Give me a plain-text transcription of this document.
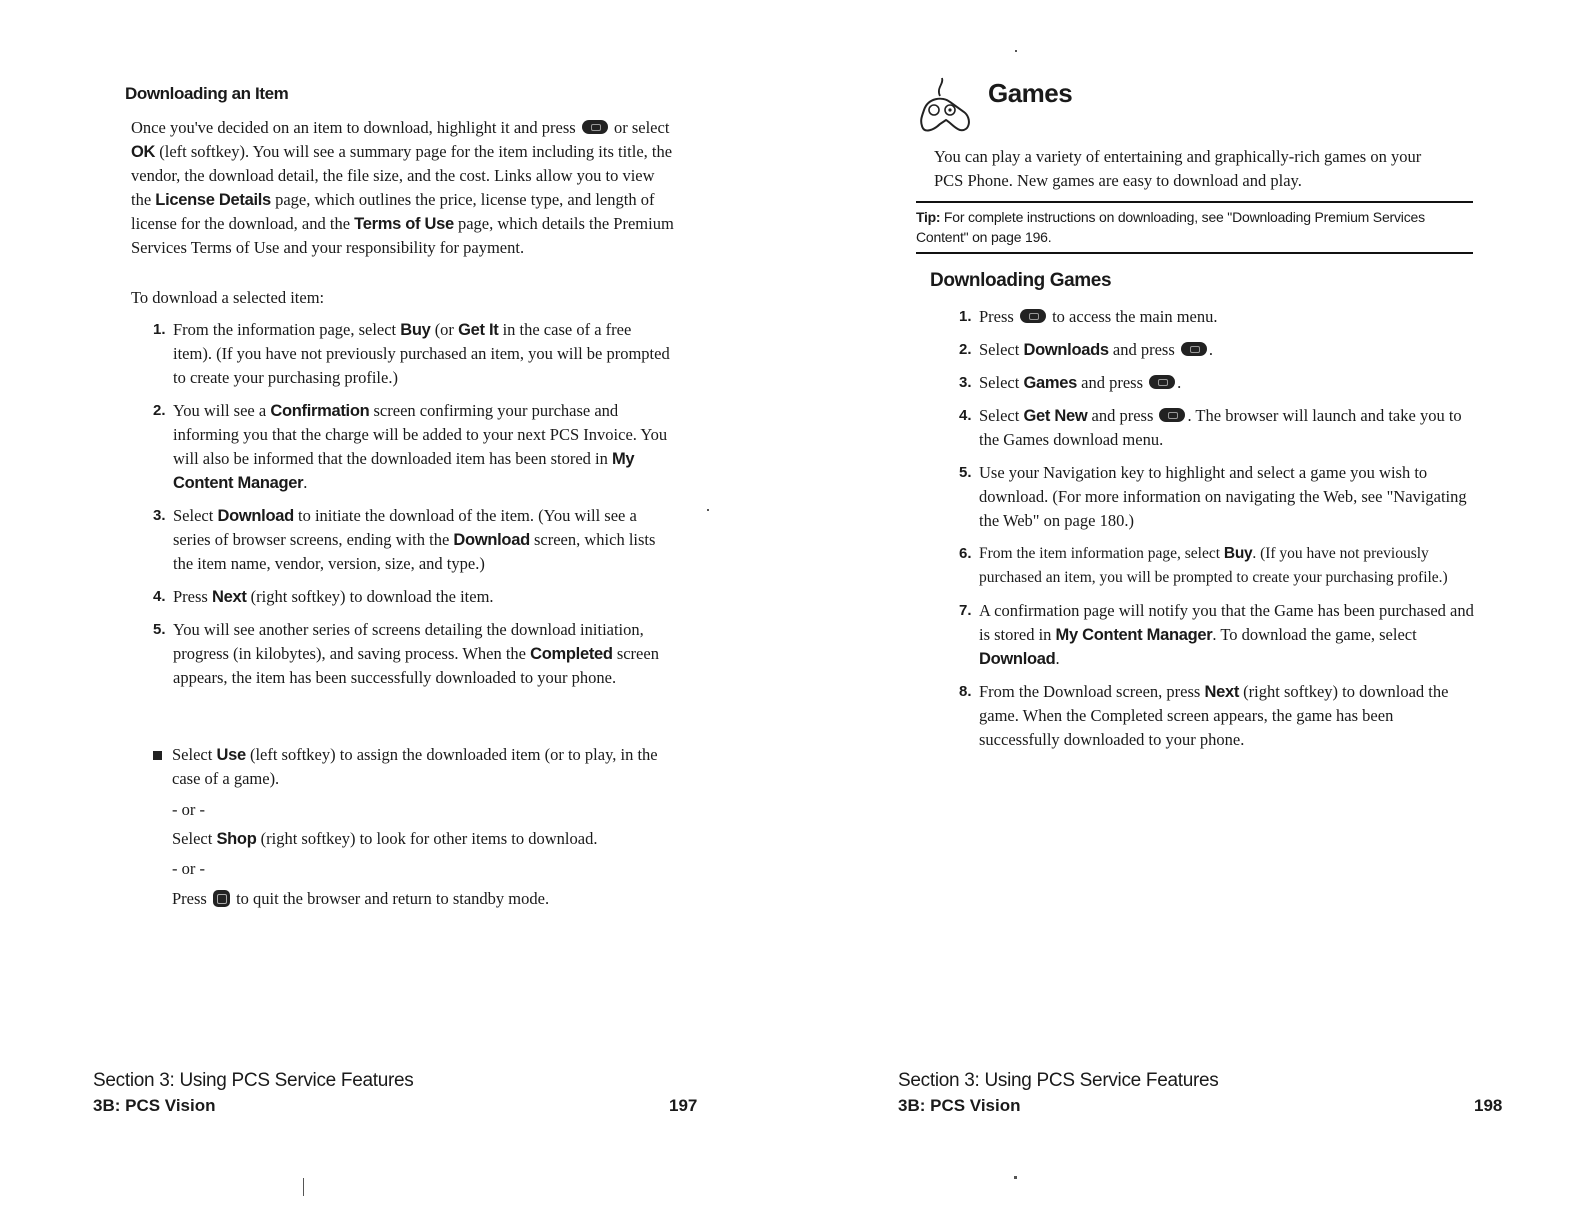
Downloading an Item

Once you've decided on an item to download, highlight it and press or select OK (left softkey). You will see a summary page for the item including its title, the vendor, the download detail, the file size, and the cost. Links allow you to view the License Details page, which outlines the price, license type, and length of license for the download, and the Terms of Use page, which details the Premium Services Terms of Use and your responsibility for payment.

To download a selected item:

1. From the information page, select Buy (or Get It in the case of a free item). (If you have not previously purchased an item, you will be prompted to create your purchasing profile.)
2. You will see a Confirmation screen confirming your purchase and informing you that the charge will be added to your next PCS Invoice. You will also be informed that the downloaded item has been stored in My Content Manager.
3. Select Download to initiate the download of the item. (You will see a series of browser screens, ending with the Download screen, which lists the item name, vendor, version, size, and type.)
4. Press Next (right softkey) to download the item.
5. You will see another series of screens detailing the download initiation, progress (in kilobytes), and saving process. When the Completed screen appears, the item has been successfully downloaded to your phone.
Select Use (left softkey) to assign the downloaded item (or to play, in the case of a game).

- or -

Select Shop (right softkey) to look for other items to download.

- or -

Press to quit the browser and return to standby mode.

Section 3: Using PCS Service Features

3B: PCS Vision	197

Games

You can play a variety of entertaining and graphically-rich games on your PCS Phone. New games are easy to download and play.

Tip: For complete instructions on downloading, see "Downloading Premium Services Content" on page 196.

Downloading Games
1. Press to access the main menu.
2. Select Downloads and press .
3. Select Games and press .
4. Select Get New and press . The browser will launch and take you to the Games download menu.
5. Use your Navigation key to highlight and select a game you wish to download. (For more information on navigating the Web, see "Navigating the Web" on page 180.)
6. From the item information page, select Buy. (If you have not previously purchased an item, you will be prompted to create your purchasing profile.)
7. A confirmation page will notify you that the Game has been purchased and is stored in My Content Manager. To download the game, select Download.
8. From the Download screen, press Next (right softkey) to download the game. When the Completed screen appears, the game has been successfully downloaded to your phone.

Section 3: Using PCS Service Features

3B: PCS Vision	198
